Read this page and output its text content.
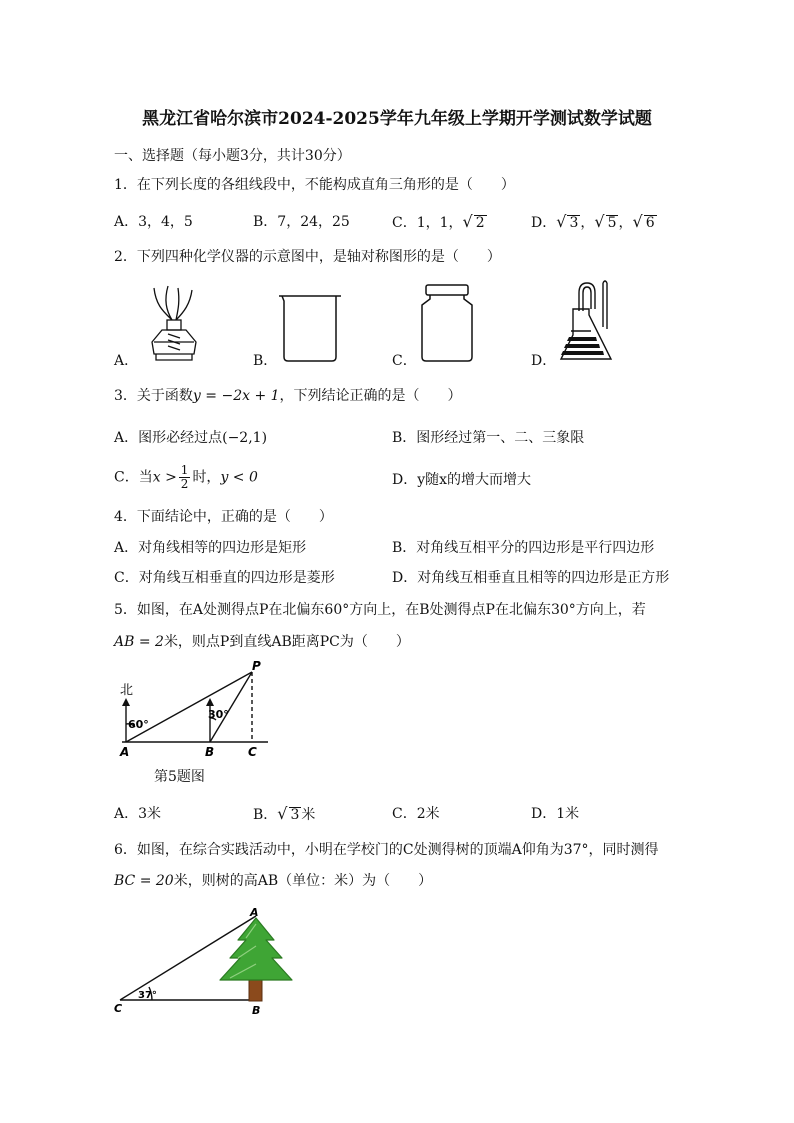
黑龙江省哈尔滨市2024-2025学年九年级上学期开学测试数学试题
一、选择题（每小题3分，共计30分）
1．在下列长度的各组线段中，不能构成直角三角形的是（　　）
A．3，4，5	B．7，24，25	C．1，1，√ 2	D．√ 3 ，√ 5 ，√ 6
2．下列四种化学仪器的示意图中，是轴对称图形的是（　　）
A．	B．	C．	D．
3．关于函数y = −2x + 1，下列结论正确的是（　　）
A．图形必经过点(−2,1)	B．图形经过第一、二、三象限
C．当$x > \frac{1}{2}$ 时，y < 0	D．y随x的增大而增大
4．下面结论中，正确的是（　　）
A．对角线相等的四边形是矩形	B．对角线互相平分的四边形是平行四边形
C．对角线互相垂直的四边形是菱形	D．对角线互相垂直且相等的四边形是正方形
5．如图，在A处测得点P在北偏东60°方向上，在B处测得点P在北偏东30°方向上，若
AB = 2米，则点P到直线AB距离PC为（　　）
北
60°
30°
A	B	C
P
第5题图
A．3米	B．√ 3 米	C．2米	D．1米
6．如图，在综合实践活动中，小明在学校门的C处测得树的顶端A仰角为37°，同时测得
BC = 20米，则树的高AB（单位：米）为（　　）
A
B
C
37°
